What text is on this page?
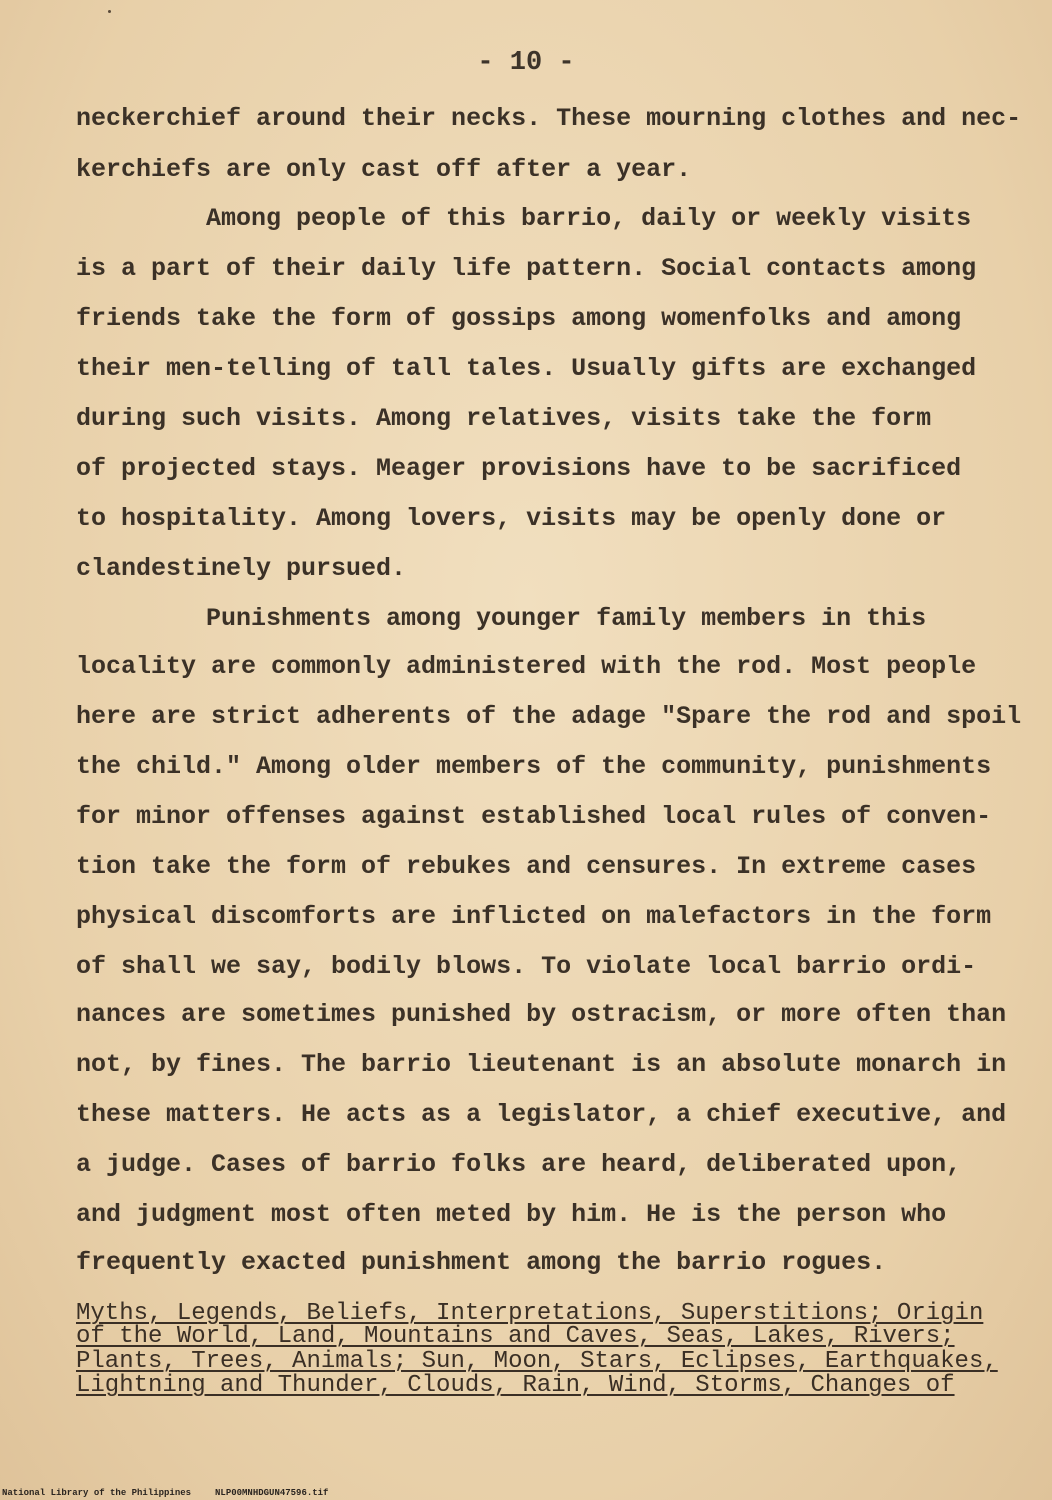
- 10 -
neckerchief around their necks. These mourning clothes and nec-
kerchiefs are only cast off after a year.
Among people of this barrio, daily or weekly visits
is a part of their daily life pattern. Social contacts among
friends take the form of gossips among womenfolks and among
their men-telling of tall tales. Usually gifts are exchanged
during such visits. Among relatives, visits take the form
of projected stays. Meager provisions have to be sacrificed
to hospitality. Among lovers, visits may be openly done or
clandestinely pursued.
Punishments among younger family members in this
locality are commonly administered with the rod. Most people
here are strict adherents of the adage "Spare the rod and spoil
the child." Among older members of the community, punishments
for minor offenses against established local rules of conven-
tion take the form of rebukes and censures. In extreme cases
physical discomforts are inflicted on malefactors in the form
of shall we say, bodily blows. To violate local barrio ordi-
nances are sometimes punished by ostracism, or more often than
not, by fines. The barrio lieutenant is an absolute monarch in
these matters. He acts as a legislator, a chief executive, and
a judge. Cases of barrio folks are heard, deliberated upon,
and judgment most often meted by him. He is the person who
frequently exacted punishment among the barrio rogues.
Myths, Legends, Beliefs, Interpretations, Superstitions; Origin
of the World, Land, Mountains and Caves, Seas, Lakes, Rivers;
Plants, Trees, Animals; Sun, Moon, Stars, Eclipses, Earthquakes,
Lightning and Thunder, Clouds, Rain, Wind, Storms, Changes of
National Library of the Philippines	NLP00MNHDGUN47596.tif
